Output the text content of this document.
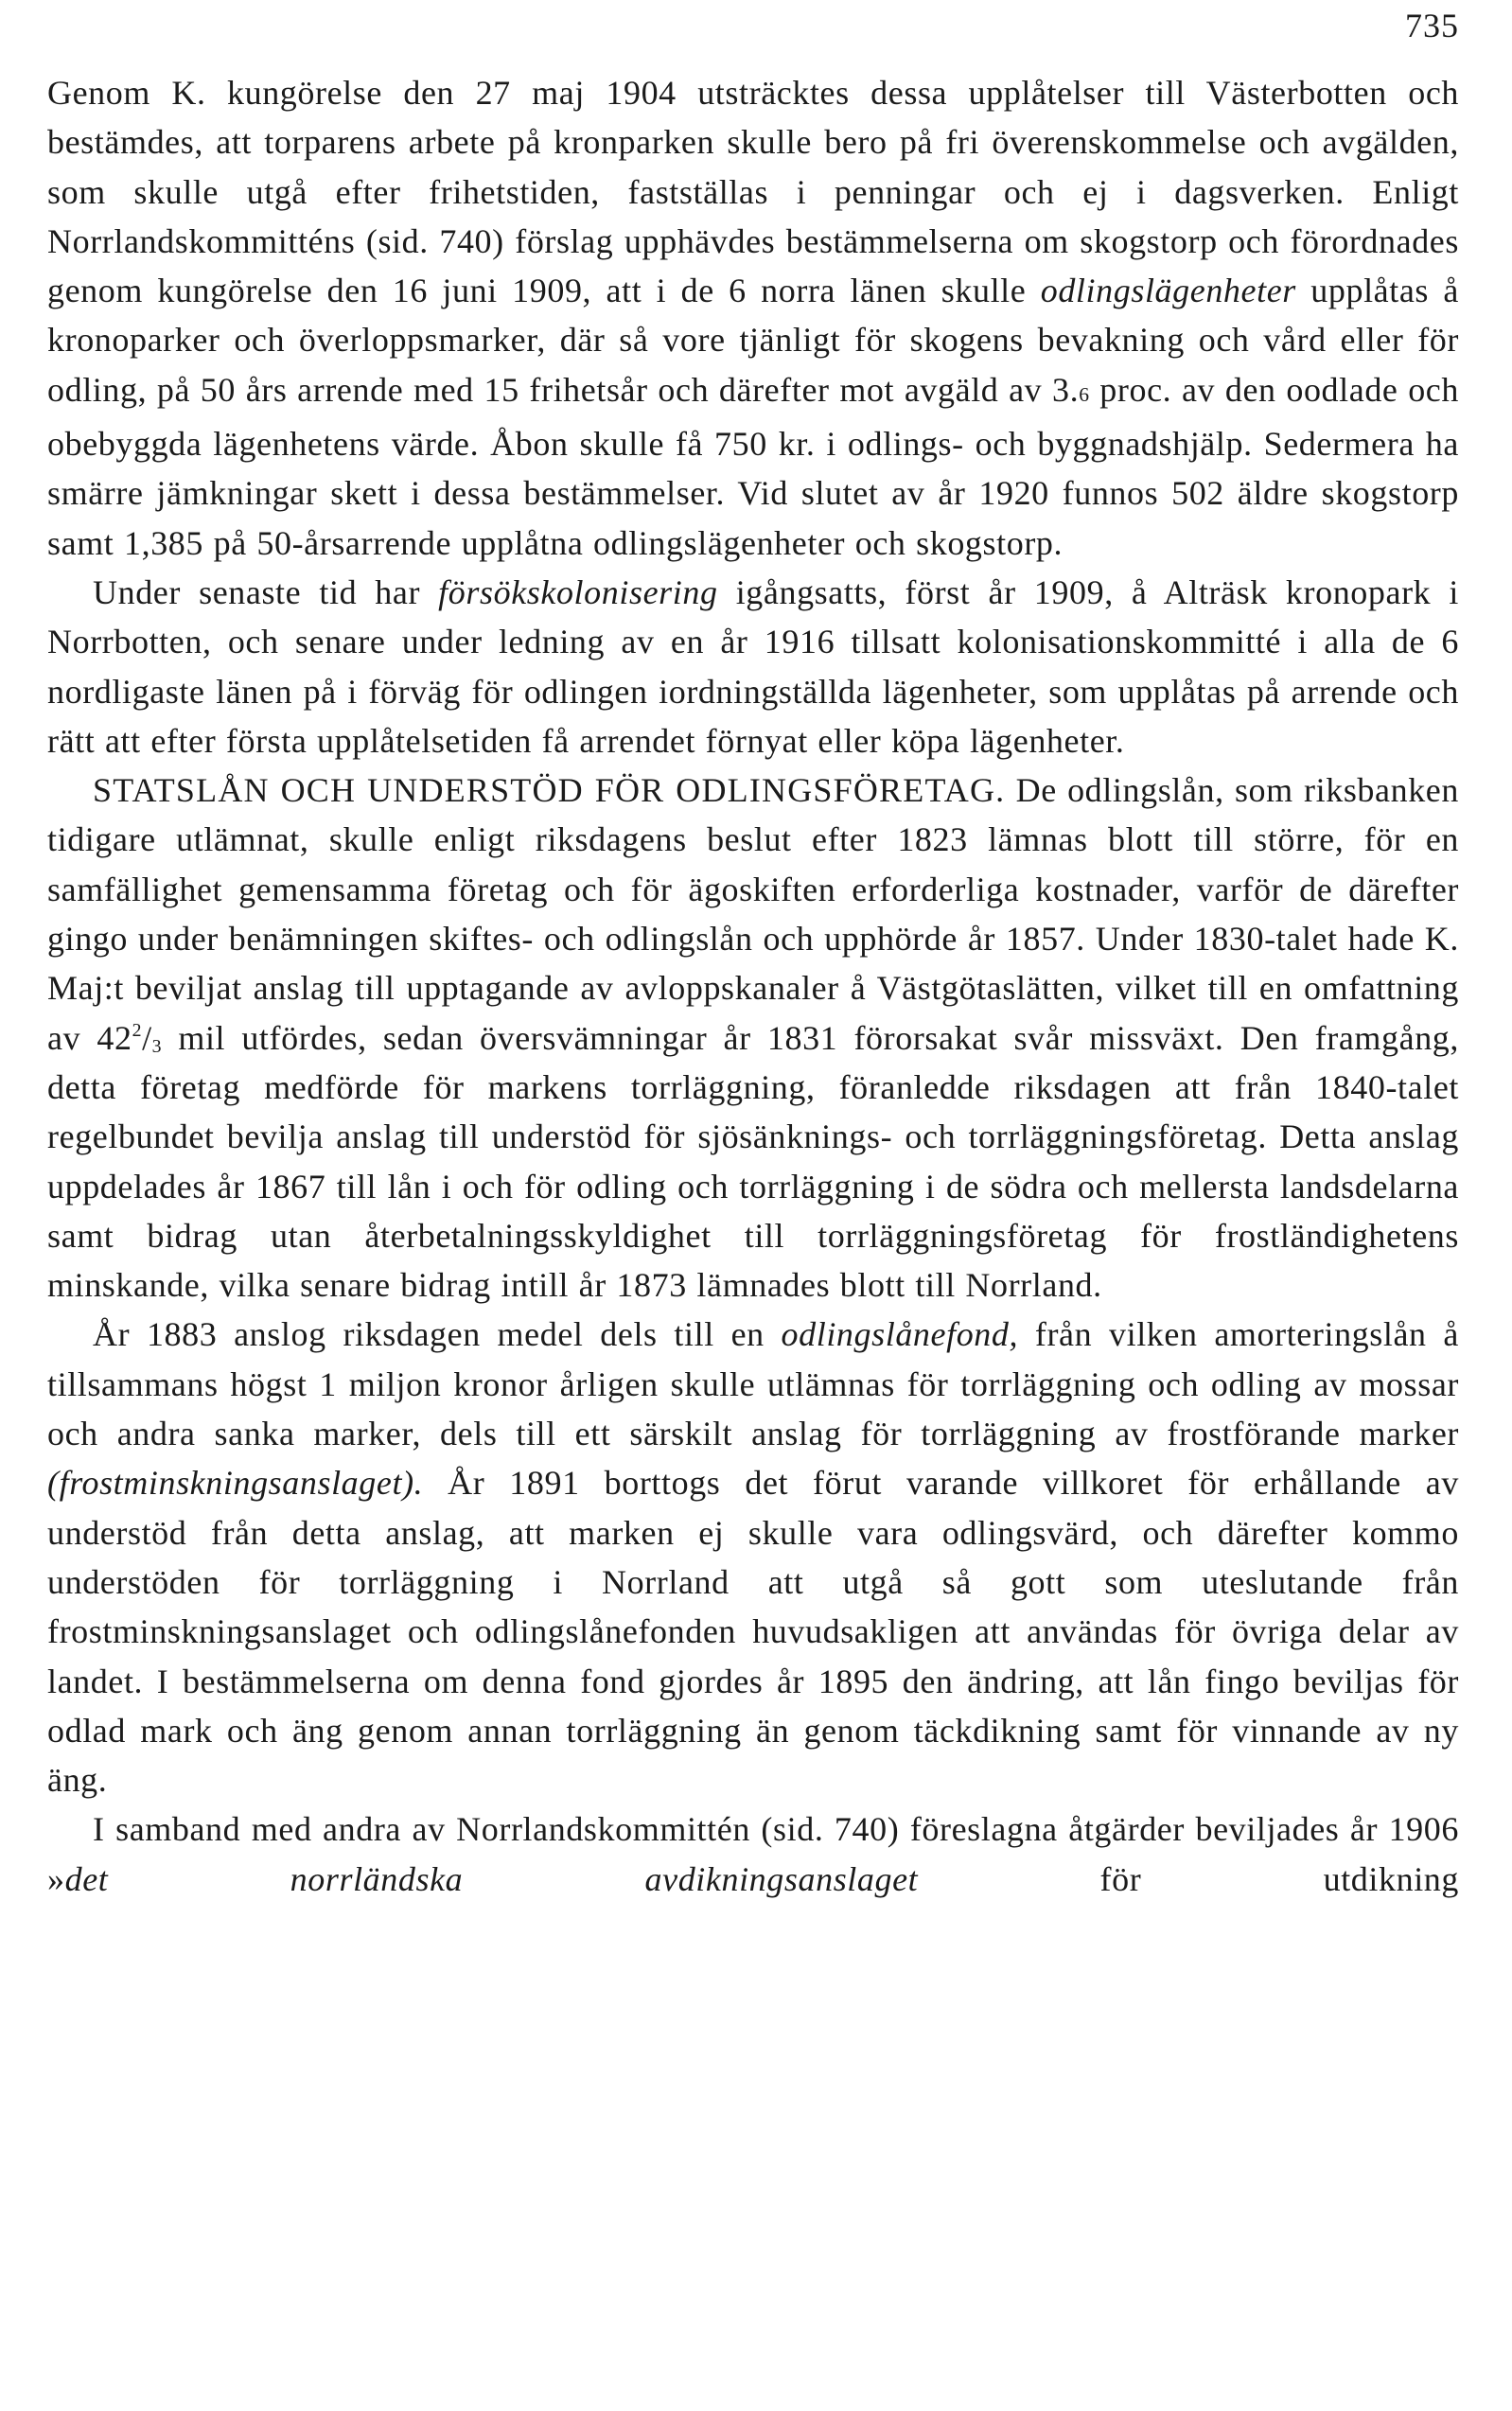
735

Genom K. kungörelse den 27 maj 1904 utsträcktes dessa upplåtelser till Västerbotten och bestämdes, att torparens arbete på kronparken skulle bero på fri överenskommelse och avgälden, som skulle utgå efter frihetstiden, fastställas i penningar och ej i dagsverken. Enligt Norrlandskommitténs (sid. 740) förslag upphävdes bestämmelserna om skogstorp och förordnades genom kungörelse den 16 juni 1909, att i de 6 norra länen skulle odlingslägenheter upplåtas å kronoparker och överloppsmarker, där så vore tjänligt för skogens bevakning och vård eller för odling, på 50 års arrende med 15 frihetsår och därefter mot avgäld av 3.6 proc. av den oodlade och obebyggda lägenhetens värde. Åbon skulle få 750 kr. i odlings- och byggnadshjälp. Sedermera ha smärre jämkningar skett i dessa bestämmelser. Vid slutet av år 1920 funnos 502 äldre skogstorp samt 1,385 på 50-årsarrende upplåtna odlingslägenheter och skogstorp.

Under senaste tid har försökskolonisering igångsatts, först år 1909, å Alträsk kronopark i Norrbotten, och senare under ledning av en år 1916 tillsatt kolonisationskommitté i alla de 6 nordligaste länen på i förväg för odlingen iordningställda lägenheter, som upplåtas på arrende och rätt att efter första upplåtelsetiden få arrendet förnyat eller köpa lägenheter.

STATSLÅN OCH UNDERSTÖD FÖR ODLINGSFÖRETAG. De odlingslån, som riksbanken tidigare utlämnat, skulle enligt riksdagens beslut efter 1823 lämnas blott till större, för en samfällighet gemensamma företag och för ägoskiften erforderliga kostnader, varför de därefter gingo under benämningen skiftes- och odlingslån och upphörde år 1857. Under 1830-talet hade K. Maj:t beviljat anslag till upptagande av avloppskanaler å Västgötaslätten, vilket till en omfattning av $42^2/_3$ mil utfördes, sedan översvämningar år 1831 förorsakat svår missväxt. Den framgång, detta företag medförde för markens torrläggning, föranledde riksdagen att från 1840-talet regelbundet bevilja anslag till understöd för sjösänknings- och torrläggningsföretag. Detta anslag uppdelades år 1867 till lån i och för odling och torrläggning i de södra och mellersta landsdelarna samt bidrag utan återbetalningsskyldighet till torrläggningsföretag för frostländighetens minskande, vilka senare bidrag intill år 1873 lämnades blott till Norrland.

År 1883 anslog riksdagen medel dels till en odlingslånefond, från vilken amorteringslån å tillsammans högst 1 miljon kronor årligen skulle utlämnas för torrläggning och odling av mossar och andra sanka marker, dels till ett särskilt anslag för torrläggning av frostförande marker (frostminskningsanslaget). År 1891 borttogs det förut varande villkoret för erhållande av understöd från detta anslag, att marken ej skulle vara odlingsvärd, och därefter kommo understöden för torrläggning i Norrland att utgå så gott som uteslutande från frostminskningsanslaget och odlingslånefonden huvudsakligen att användas för övriga delar av landet. I bestämmelserna om denna fond gjordes år 1895 den ändring, att lån fingo beviljas för odlad mark och äng genom annan torrläggning än genom täckdikning samt för vinnande av ny äng.

I samband med andra av Norrlandskommittén (sid. 740) föreslagna åtgärder beviljades år 1906 »det norrländska avdikningsanslaget för utdikning
